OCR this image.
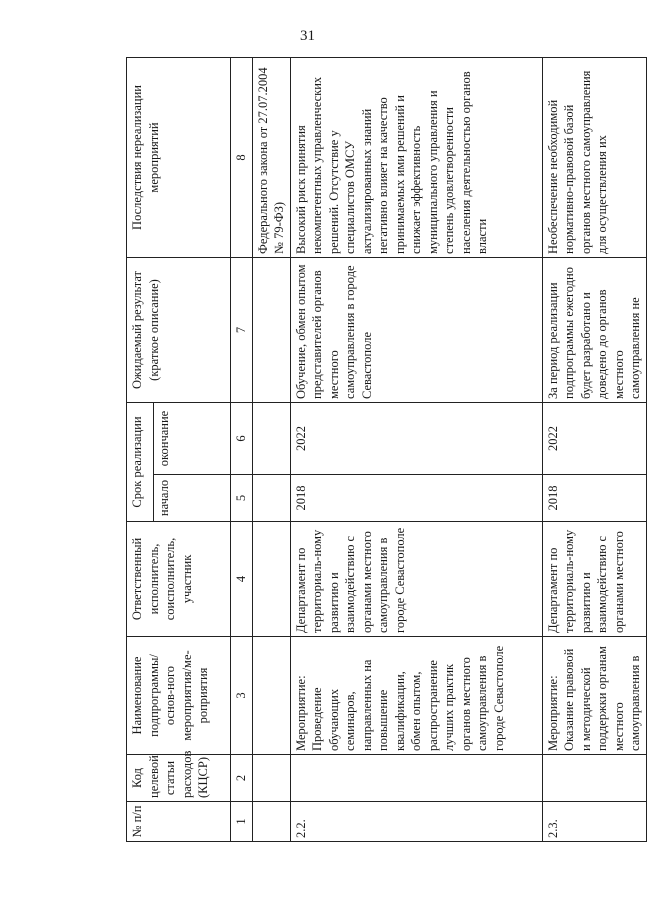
31
№ п/п	Код целевой статьи расходов (КЦСР)	Наименование подпрограммы/основ-ного мероприятия/ме-роприятия	Ответственный исполнитель, соисполнитель, участник	Срок реализации		Ожидаемый результат (краткое описание)	Последствия нереализации мероприятий
				начало	окончание		
1	2	3	4	5	6	7	8
							Федерального закона от 27.07.2004 № 79-ФЗ)
2.2.		Мероприятие: Проведение обучающих семинаров, направленных на повышение квалификации, обмен опытом, распространение лучших практик органов местного самоуправления в городе Севастополе	Департамент по территориаль-ному развитию и взаимодействию с органами местного самоуправления в городе Севастополе	2018	2022	Обучение, обмен опытом представителей органов местного самоуправления в городе Севастополе	Высокий риск принятия некомпетентных управленческих решений. Отсутствие у специалистов ОМСУ актуализированных знаний негативно влияет на качество принимаемых ими решений и снижает эффективность муниципального управления и степень удовлетворенности населения деятельностью органов власти
2.3.		Мероприятие: Оказание правовой и методической поддержки органам местного самоуправления в	Департамент по территориаль-ному развитию и взаимодействию с органами местного	2018	2022	За период реализации подпрограммы ежегодно будет разработано и доведено до органов местного самоуправления не	Необеспечение необходимой нормативно-правовой базой органов местного самоуправления для осуществления их
